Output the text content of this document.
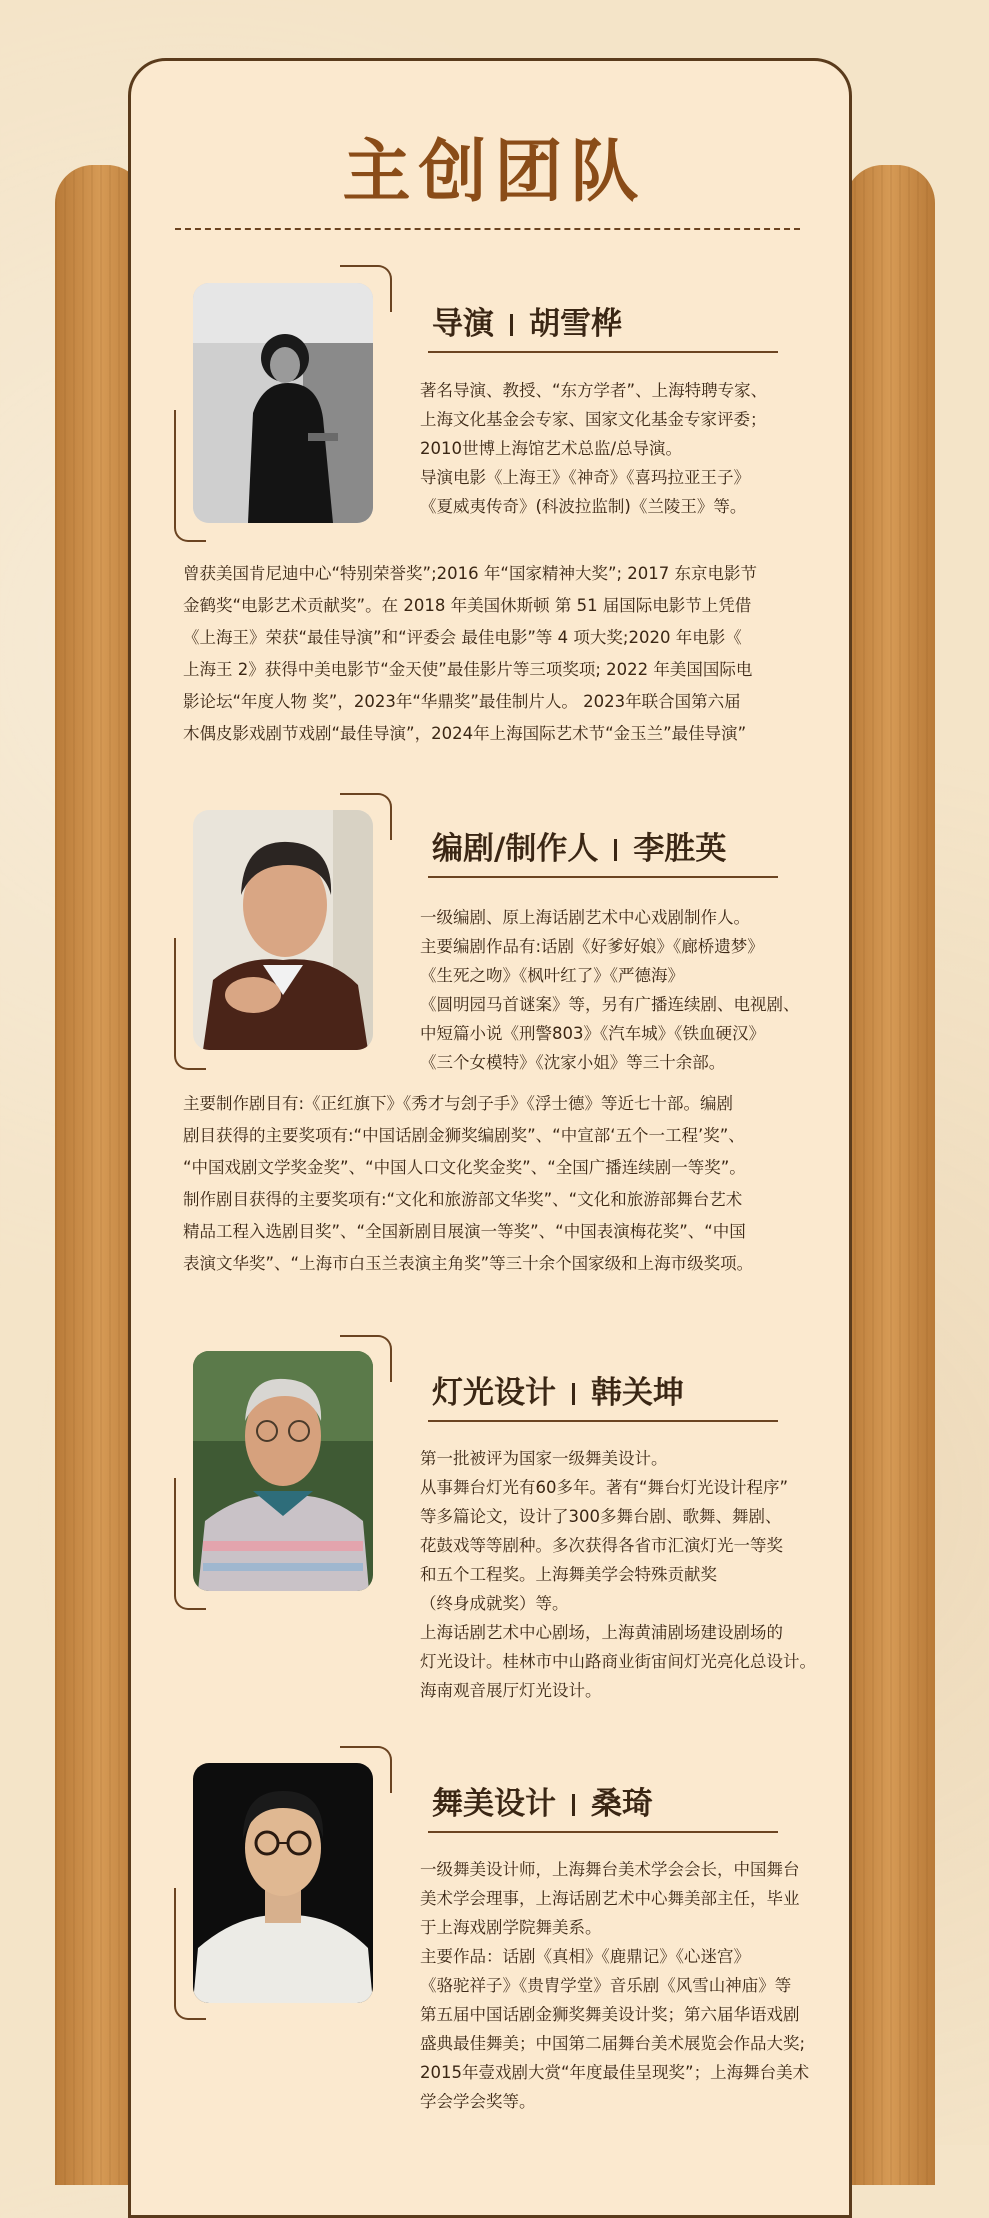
主创团队
导演 胡雪桦
著名导演、教授、“东方学者”、上海特聘专家、
上海文化基金会专家、国家文化基金专家评委；
2010世博上海馆艺术总监/总导演。
导演电影《上海王》《神奇》《喜玛拉亚王子》
《夏威夷传奇》(科波拉监制)《兰陵王》等。
曾获美国肯尼迪中心“特别荣誉奖”;2016 年“国家精神大奖”; 2017 东京电影节
金鹤奖“电影艺术贡献奖”。在 2018 年美国休斯顿 第 51 届国际电影节上凭借
《上海王》荣获“最佳导演”和“评委会 最佳电影”等 4 项大奖;2020 年电影《
上海王 2》获得中美电影节“金天使”最佳影片等三项奖项; 2022 年美国国际电
影论坛“年度人物 奖”，2023年“华鼎奖”最佳制片人。 2023年联合国第六届
木偶皮影戏剧节戏剧“最佳导演”，2024年上海国际艺术节“金玉兰”最佳导演”
编剧/制作人 李胜英
一级编剧、原上海话剧艺术中心戏剧制作人。
主要编剧作品有:话剧《好爹好娘》《廊桥遗梦》
《生死之吻》《枫叶红了》《严德海》
《圆明园马首谜案》等，另有广播连续剧、电视剧、
中短篇小说《刑警803》《汽车城》《铁血硬汉》
《三个女模特》《沈家小姐》等三十余部。
主要制作剧目有:《正红旗下》《秀才与刽子手》《浮士德》等近七十部。编剧
剧目获得的主要奖项有:“中国话剧金狮奖编剧奖”、“中宣部‘五个一工程’奖”、
“中国戏剧文学奖金奖”、“中国人口文化奖金奖”、“全国广播连续剧一等奖”。
制作剧目获得的主要奖项有:“文化和旅游部文华奖”、“文化和旅游部舞台艺术
精品工程入选剧目奖”、“全国新剧目展演一等奖”、“中国表演梅花奖”、“中国
表演文华奖”、“上海市白玉兰表演主角奖”等三十余个国家级和上海市级奖项。
灯光设计 韩关坤
第一批被评为国家一级舞美设计。
从事舞台灯光有60多年。著有“舞台灯光设计程序”
等多篇论文，设计了300多舞台剧、歌舞、舞剧、
花鼓戏等等剧种。多次获得各省市汇演灯光一等奖
和五个工程奖。上海舞美学会特殊贡献奖
（终身成就奖）等。
上海话剧艺术中心剧场，上海黄浦剧场建设剧场的
灯光设计。桂林市中山路商业街宙间灯光亮化总设计。
海南观音展厅灯光设计。
舞美设计 桑琦
一级舞美设计师，上海舞台美术学会会长，中国舞台
美术学会理事，上海话剧艺术中心舞美部主任，毕业
于上海戏剧学院舞美系。
主要作品：话剧《真相》《鹿鼎记》《心迷宫》
《骆驼祥子》《贵胄学堂》音乐剧《风雪山神庙》等
第五届中国话剧金狮奖舞美设计奖；第六届华语戏剧
盛典最佳舞美；中国第二届舞台美术展览会作品大奖;
2015年壹戏剧大赏“年度最佳呈现奖”；上海舞台美术
学会学会奖等。
